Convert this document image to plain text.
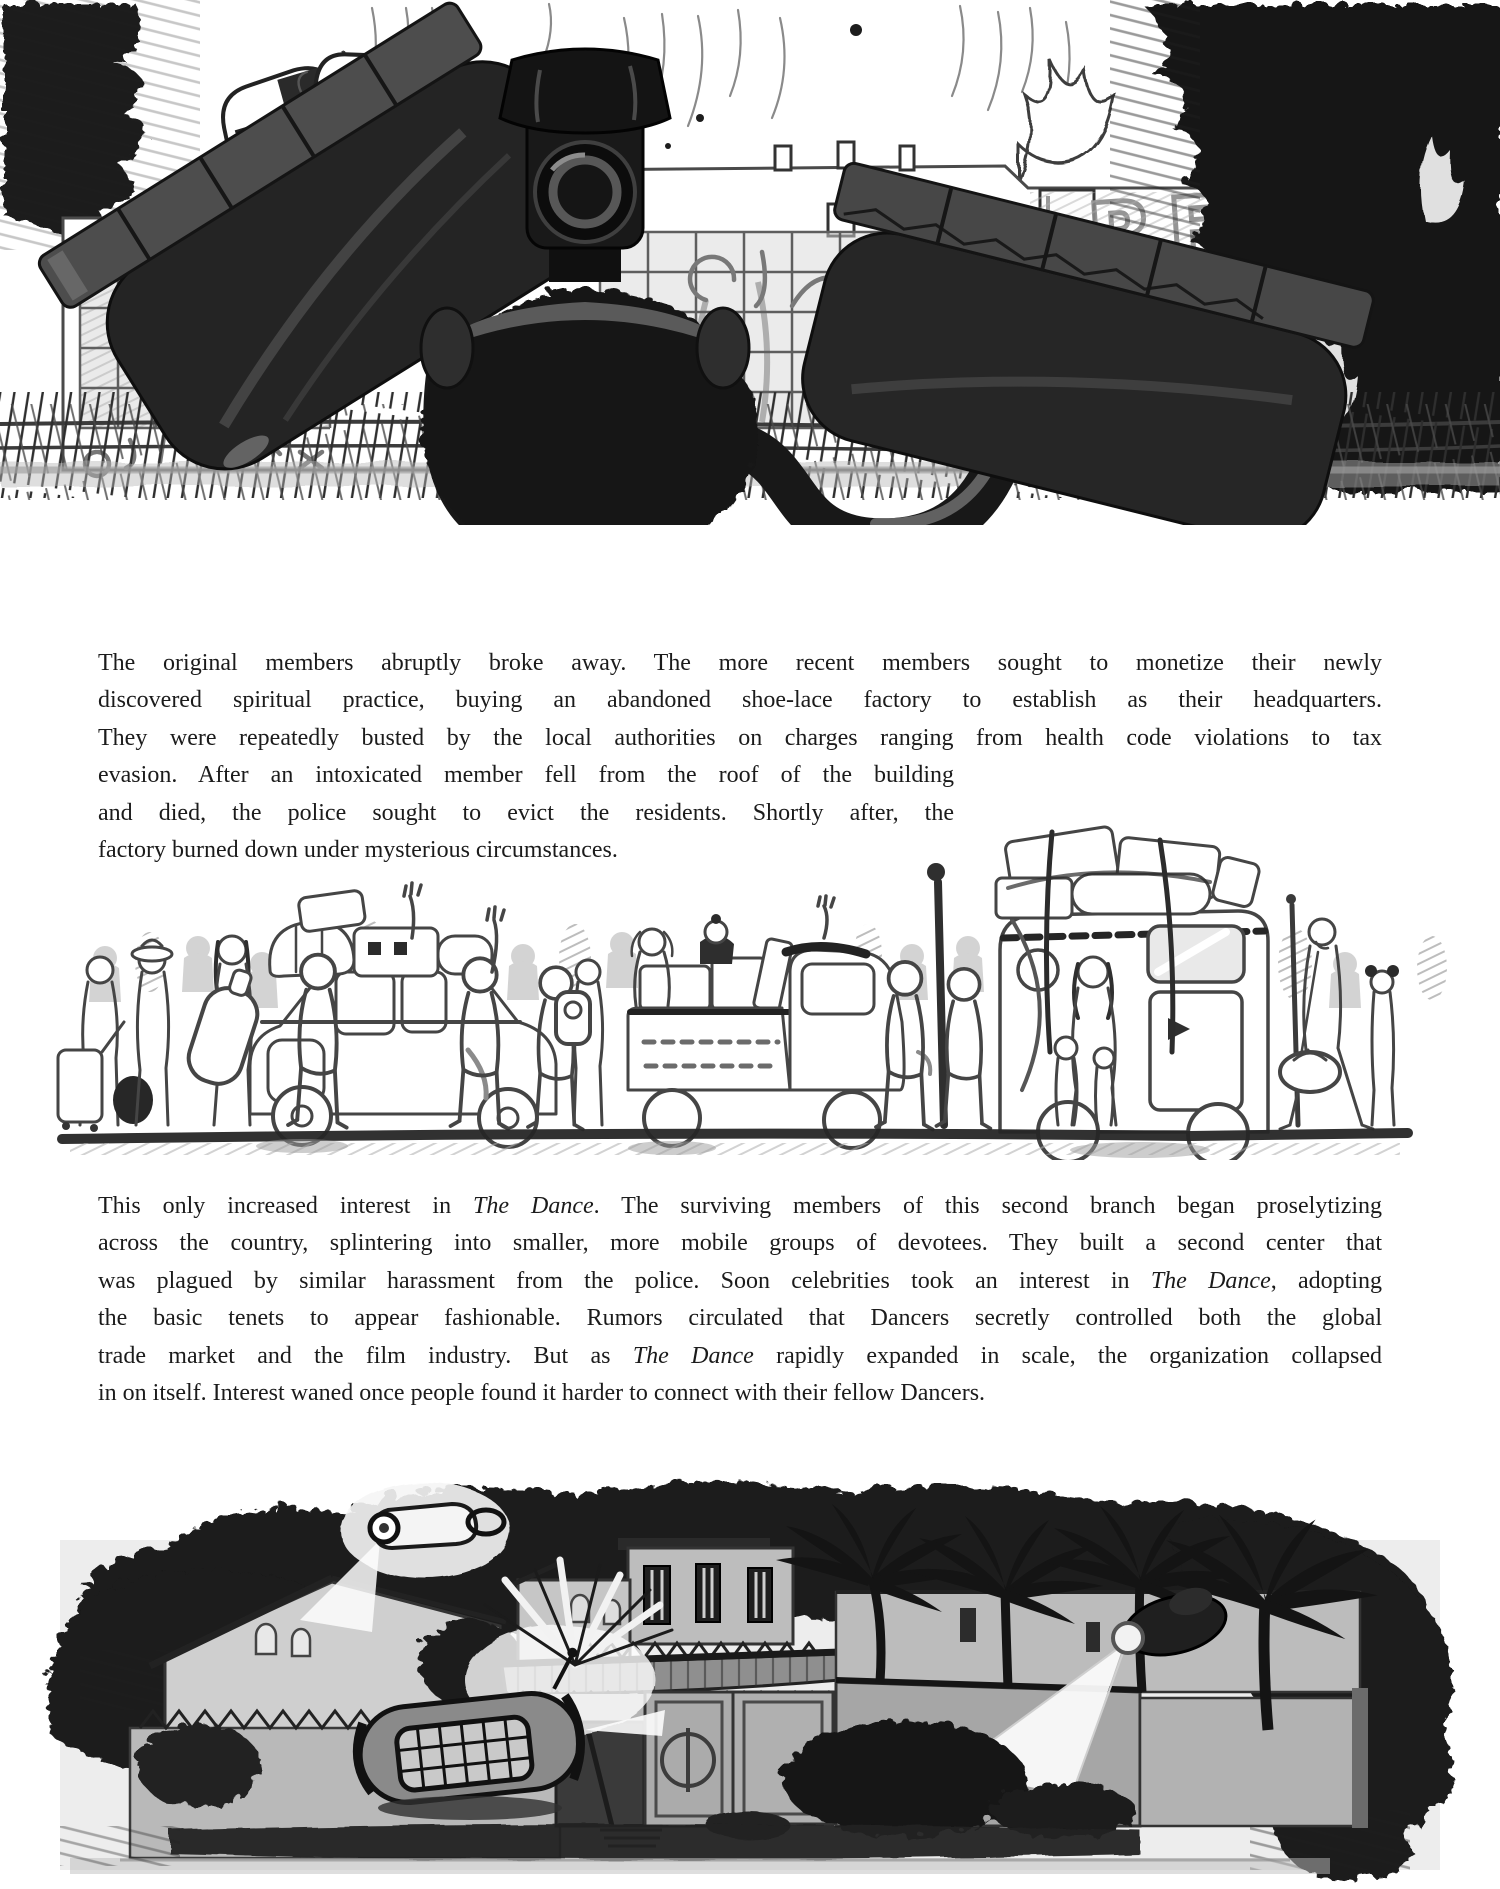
The original members abruptly broke away. The more recent members sought to monetize their newly
discovered spiritual practice, buying an abandoned shoe-lace factory to establish as their headquarters.
They were repeatedly busted by the local authorities on charges ranging from health code violations to tax
evasion. After an intoxicated member fell from the roof of the building
and died, the police sought to evict the residents. Shortly after, the
factory burned down under mysterious circumstances.
This only increased interest in The Dance. The surviving members of this second branch began proselytizing
across the country, splintering into smaller, more mobile groups of devotees. They built a second center that
was plagued by similar harassment from the police. Soon celebrities took an interest in The Dance, adopting
the basic tenets to appear fashionable. Rumors circulated that Dancers secretly controlled both the global
trade market and the film industry. But as The Dance rapidly expanded in scale, the organization collapsed
in on itself. Interest waned once people found it harder to connect with their fellow Dancers.
